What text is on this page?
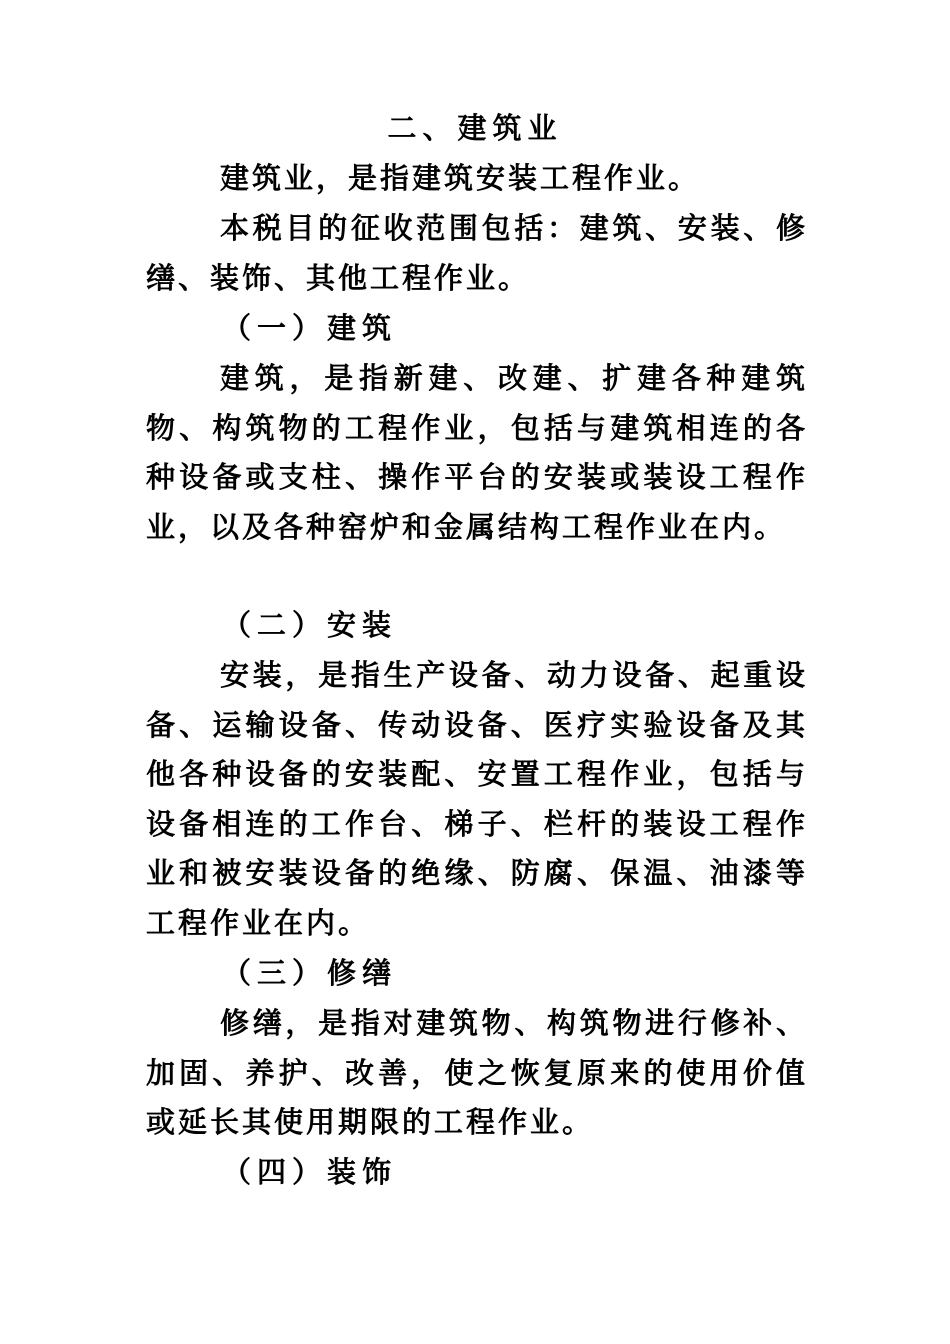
二、建筑业

建筑业，是指建筑安装工程作业。

本税目的征收范围包括：建筑、安装、修缮、装饰、其他工程作业。

（一）建筑

建筑，是指新建、改建、扩建各种建筑物、构筑物的工程作业，包括与建筑相连的各种设备或支柱、操作平台的安装或装设工程作业，以及各种窑炉和金属结构工程作业在内。

（二）安装

安装，是指生产设备、动力设备、起重设备、运输设备、传动设备、医疗实验设备及其他各种设备的安装配、安置工程作业，包括与设备相连的工作台、梯子、栏杆的装设工程作业和被安装设备的绝缘、防腐、保温、油漆等工程作业在内。

（三）修缮

修缮，是指对建筑物、构筑物进行修补、加固、养护、改善，使之恢复原来的使用价值或延长其使用期限的工程作业。

（四）装饰
